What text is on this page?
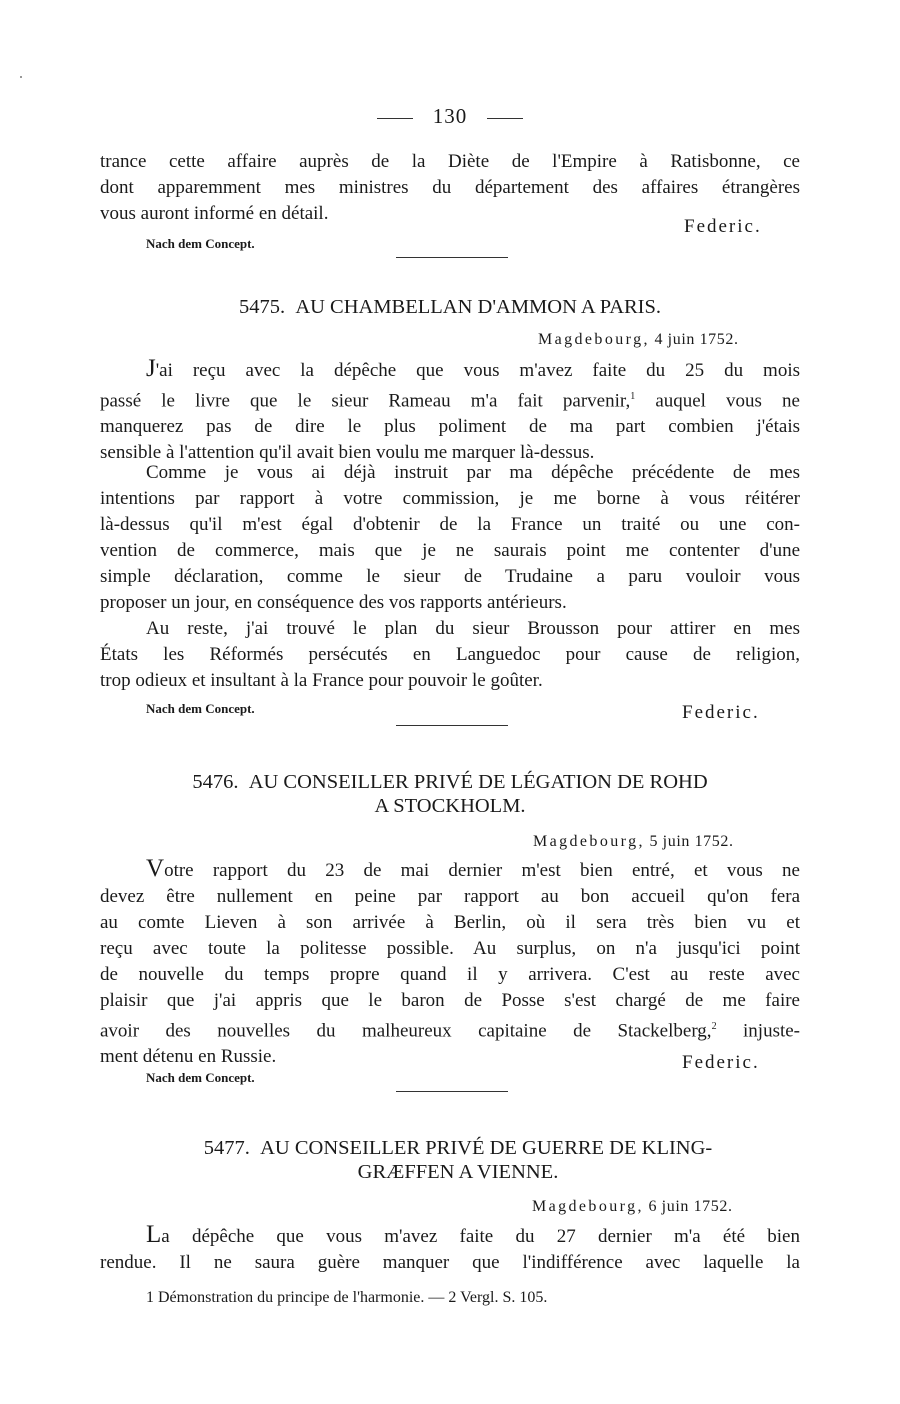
130
trance cette affaire auprès de la Diète de l'Empire à Ratisbonne, ce
dont apparemment mes ministres du département des affaires étrangères
vous auront informé en détail.
Federic.
Nach dem Concept.
5475. AU CHAMBELLAN D'AMMON A PARIS.
Magdebourg, 4 juin 1752.
J'ai reçu avec la dépêche que vous m'avez faite du 25 du mois
passé le livre que le sieur Rameau m'a fait parvenir,$^1$ auquel vous ne
manquerez pas de dire le plus poliment de ma part combien j'étais
sensible à l'attention qu'il avait bien voulu me marquer là-dessus.
Comme je vous ai déjà instruit par ma dépêche précédente de mes
intentions par rapport à votre commission, je me borne à vous réitérer
là-dessus qu'il m'est égal d'obtenir de la France un traité ou une con-
vention de commerce, mais que je ne saurais point me contenter d'une
simple déclaration, comme le sieur de Trudaine a paru vouloir vous
proposer un jour, en conséquence des vos rapports antérieurs.
Au reste, j'ai trouvé le plan du sieur Brousson pour attirer en mes
États les Réformés persécutés en Languedoc pour cause de religion,
trop odieux et insultant à la France pour pouvoir le goûter.
Nach dem Concept.	Federic.
5476. AU CONSEILLER PRIVÉ DE LÉGATION DE ROHD
A STOCKHOLM.
Magdebourg, 5 juin 1752.
Votre rapport du 23 de mai dernier m'est bien entré, et vous ne
devez être nullement en peine par rapport au bon accueil qu'on fera
au comte Lieven à son arrivée à Berlin, où il sera très bien vu et
reçu avec toute la politesse possible. Au surplus, on n'a jusqu'ici point
de nouvelle du temps propre quand il y arrivera. C'est au reste avec
plaisir que j'ai appris que le baron de Posse s'est chargé de me faire
avoir des nouvelles du malheureux capitaine de Stackelberg,$^2$ injuste-
ment détenu en Russie.	Federic.
Nach dem Concept.
5477. AU CONSEILLER PRIVÉ DE GUERRE DE KLING-
GRÆFFEN A VIENNE.
Magdebourg, 6 juin 1752.
La dépêche que vous m'avez faite du 27 dernier m'a été bien
rendue. Il ne saura guère manquer que l'indifférence avec laquelle la
1 Démonstration du principe de l'harmonie. — 2 Vergl. S. 105.
